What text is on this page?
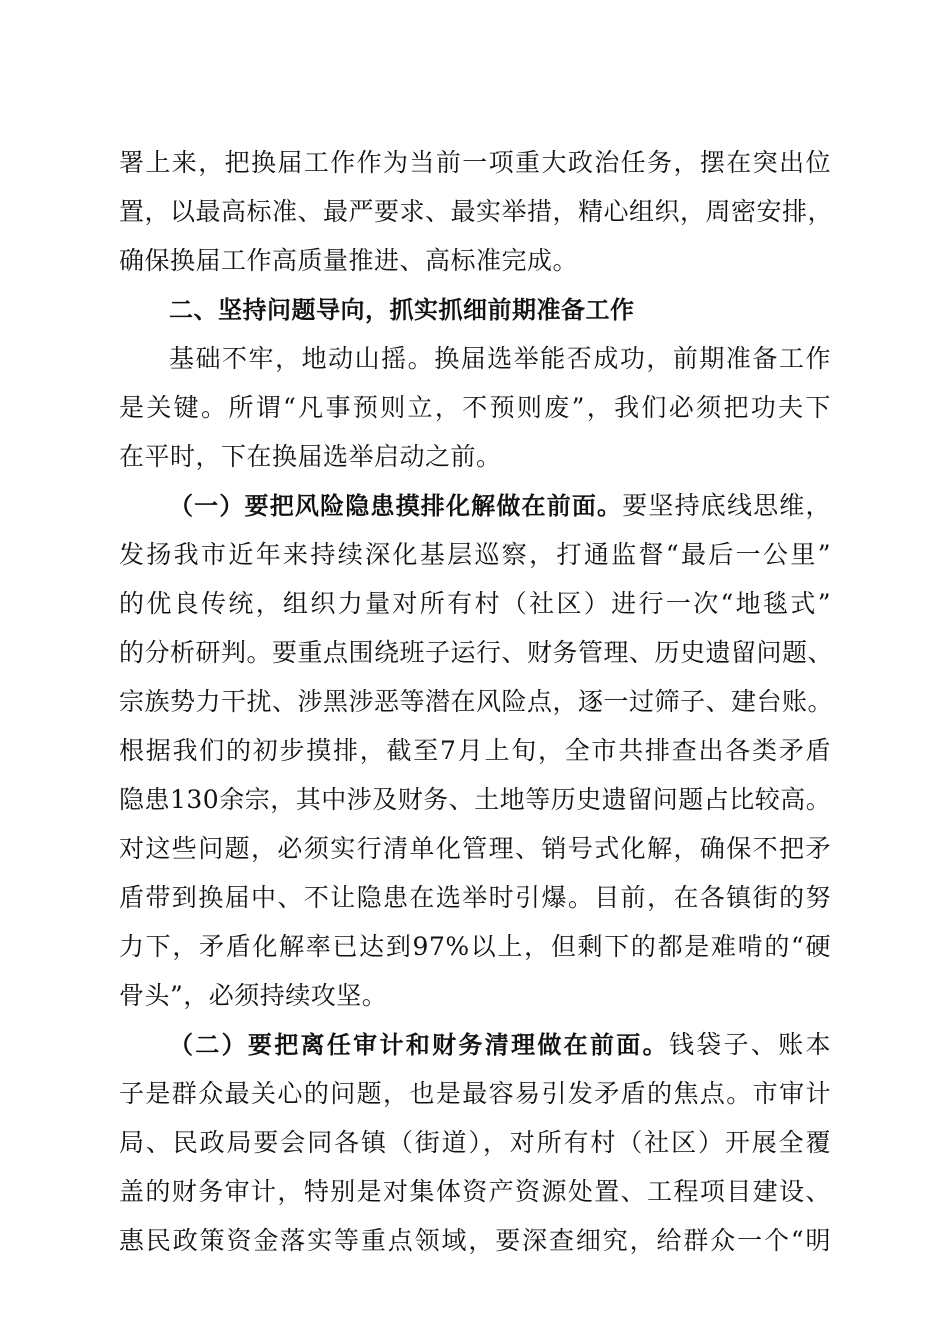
署上来，把换届工作作为当前一项重大政治任务，摆在突出位
置，以最高标准、最严要求、最实举措，精心组织，周密安排，
确保换届工作高质量推进、高标准完成。
二、坚持问题导向，抓实抓细前期准备工作
基础不牢，地动山摇。换届选举能否成功，前期准备工作
是关键。所谓“凡事预则立，不预则废”，我们必须把功夫下
在平时，下在换届选举启动之前。
（一）要把风险隐患摸排化解做在前面。要坚持底线思维，
发扬我市近年来持续深化基层巡察，打通监督“最后一公里”
的优良传统，组织力量对所有村（社区）进行一次“地毯式”
的分析研判。要重点围绕班子运行、财务管理、历史遗留问题、
宗族势力干扰、涉黑涉恶等潜在风险点，逐一过筛子、建台账。
根据我们的初步摸排，截至7月上旬，全市共排查出各类矛盾
隐患130余宗，其中涉及财务、土地等历史遗留问题占比较高。
对这些问题，必须实行清单化管理、销号式化解，确保不把矛
盾带到换届中、不让隐患在选举时引爆。目前，在各镇街的努
力下，矛盾化解率已达到97%以上，但剩下的都是难啃的“硬
骨头”，必须持续攻坚。
（二）要把离任审计和财务清理做在前面。钱袋子、账本
子是群众最关心的问题，也是最容易引发矛盾的焦点。市审计
局、民政局要会同各镇（街道），对所有村（社区）开展全覆
盖的财务审计，特别是对集体资产资源处置、工程项目建设、
惠民政策资金落实等重点领域，要深查细究，给群众一个“明
